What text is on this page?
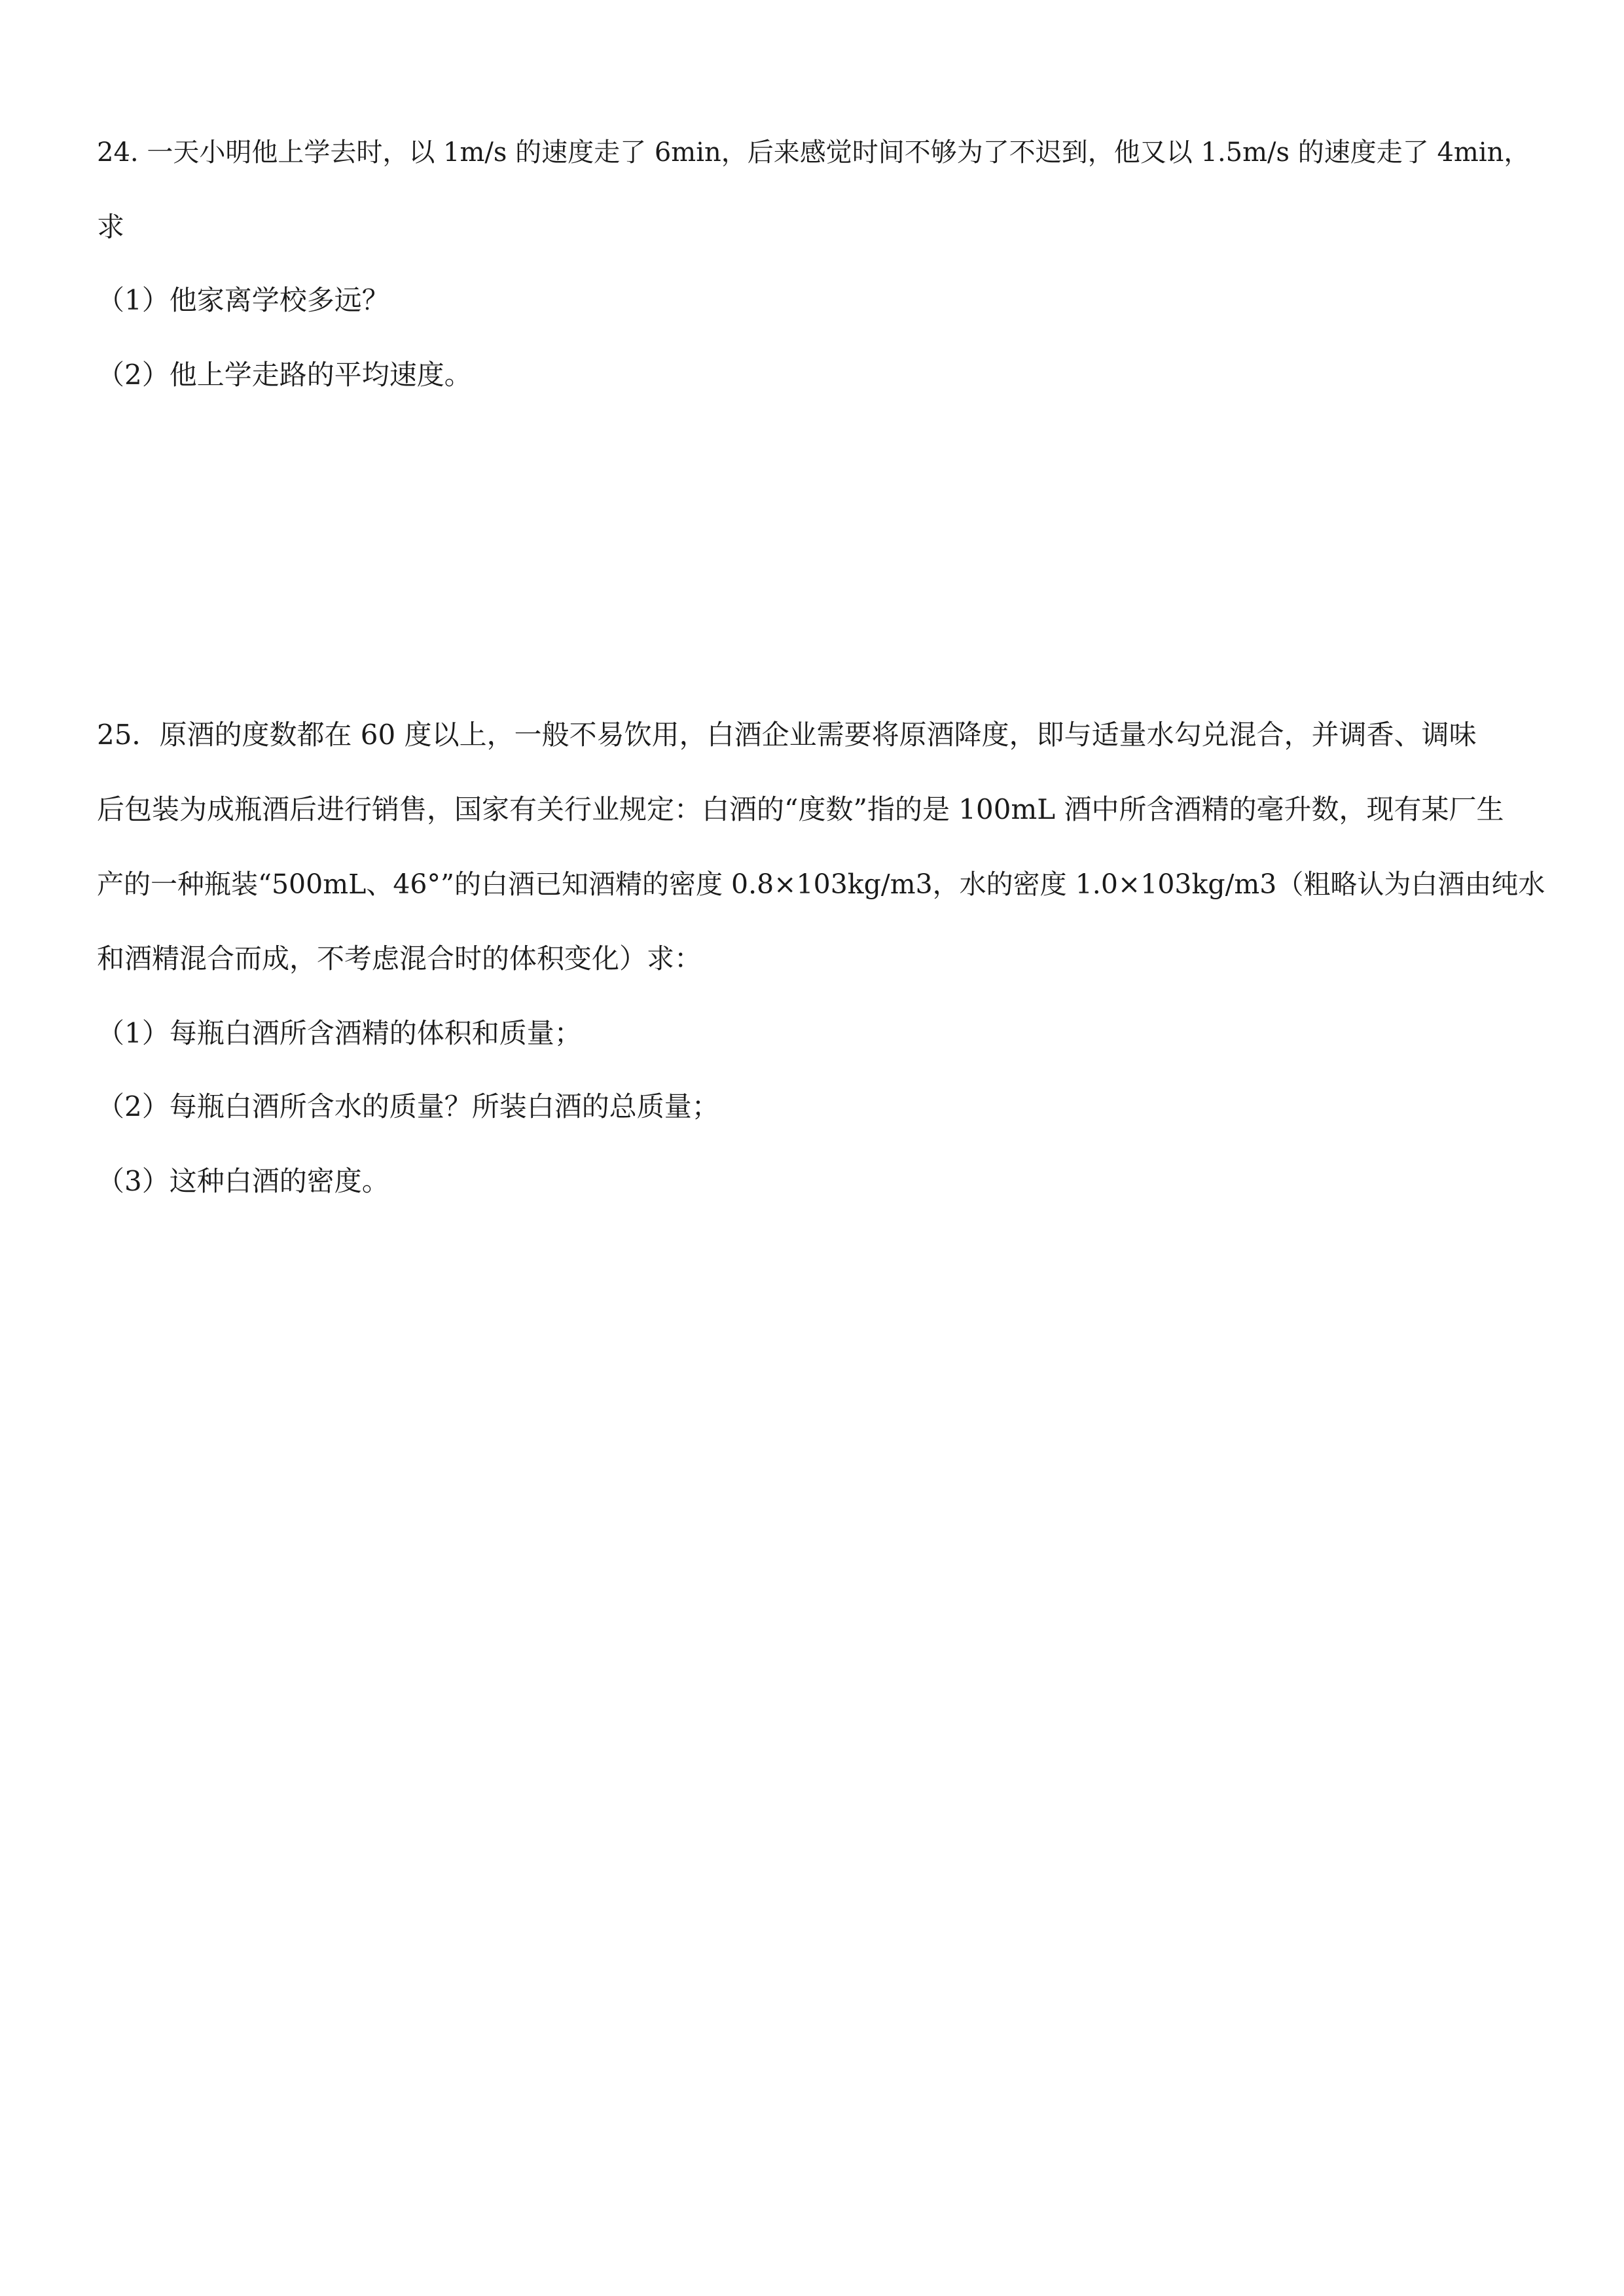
24. 一天小明他上学去时，以 1m/s 的速度走了 6min，后来感觉时间不够为了不迟到，他又以 1.5m/s 的速度走了 4min，
求
（1）他家离学校多远？
（2）他上学走路的平均速度。
25．原酒的度数都在 60 度以上，一般不易饮用，白酒企业需要将原酒降度，即与适量水勾兑混合，并调香、调味
后包装为成瓶酒后进行销售，国家有关行业规定：白酒的“度数”指的是 100mL 酒中所含酒精的毫升数，现有某厂生
产的一种瓶装“500mL、46°”的白酒已知酒精的密度 0.8×103kg/m3，水的密度 1.0×103kg/m3（粗略认为白酒由纯水
和酒精混合而成，不考虑混合时的体积变化）求：
（1）每瓶白酒所含酒精的体积和质量；
（2）每瓶白酒所含水的质量？所装白酒的总质量；
（3）这种白酒的密度。
